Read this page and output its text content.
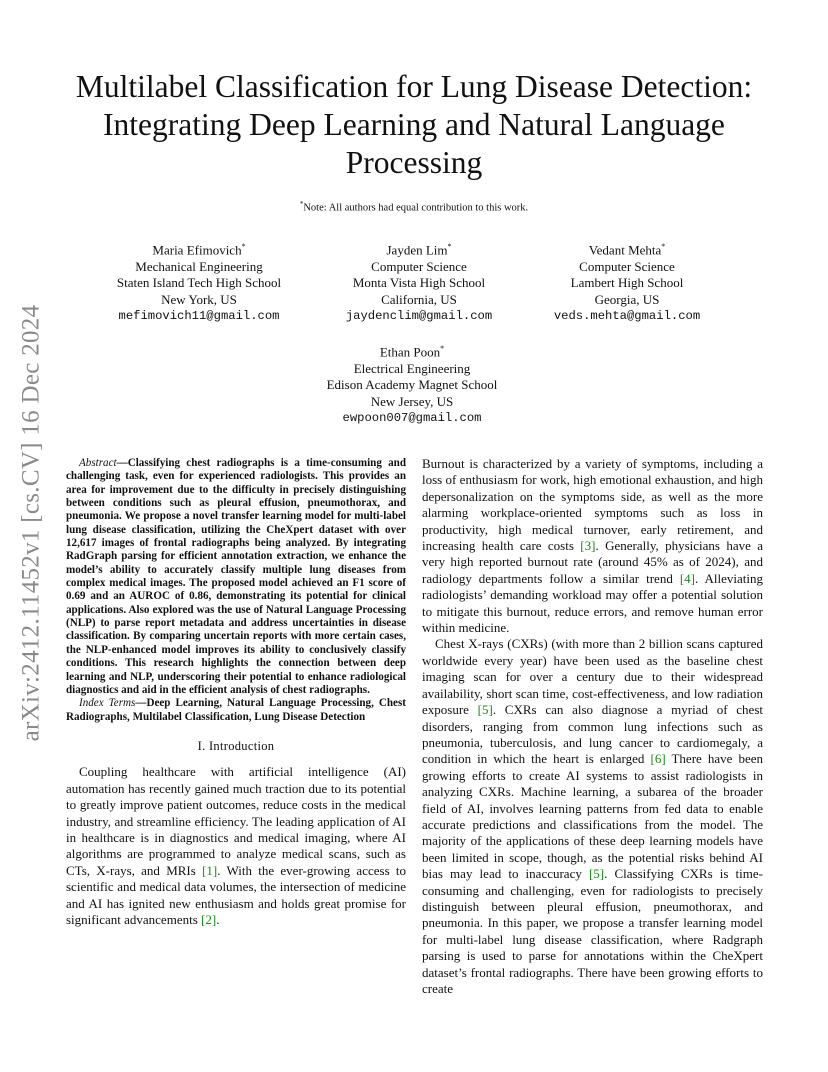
arXiv:2412.11452v1 [cs.CV] 16 Dec 2024
Multilabel Classification for Lung Disease Detection: Integrating Deep Learning and Natural Language Processing
*Note: All authors had equal contribution to this work.
Maria Efimovich*
Mechanical Engineering
Staten Island Tech High School
New York, US
mefimovich11@gmail.com
Jayden Lim*
Computer Science
Monta Vista High School
California, US
jaydenclim@gmail.com
Vedant Mehta*
Computer Science
Lambert High School
Georgia, US
veds.mehta@gmail.com
Ethan Poon*
Electrical Engineering
Edison Academy Magnet School
New Jersey, US
ewpoon007@gmail.com

Abstract—Classifying chest radiographs is a time-consuming and challenging task, even for experienced radiologists. This provides an area for improvement due to the difficulty in precisely distinguishing between conditions such as pleural effusion, pneumothorax, and pneumonia. We propose a novel transfer learning model for multi-label lung disease classification, utilizing the CheXpert dataset with over 12,617 images of frontal radiographs being analyzed. By integrating RadGraph parsing for efficient annotation extraction, we enhance the model’s ability to accurately classify multiple lung diseases from complex medical images. The proposed model achieved an F1 score of 0.69 and an AUROC of 0.86, demonstrating its potential for clinical applications. Also explored was the use of Natural Language Processing (NLP) to parse report metadata and address uncertainties in disease classification. By comparing uncertain reports with more certain cases, the NLP-enhanced model improves its ability to conclusively classify conditions. This research highlights the connection between deep learning and NLP, underscoring their potential to enhance radiological diagnostics and aid in the efficient analysis of chest radiographs.

Index Terms—Deep Learning, Natural Language Processing, Chest Radiographs, Multilabel Classification, Lung Disease Detection

I. Introduction

Coupling healthcare with artificial intelligence (AI) automation has recently gained much traction due to its potential to greatly improve patient outcomes, reduce costs in the medical industry, and streamline efficiency. The leading application of AI in healthcare is in diagnostics and medical imaging, where AI algorithms are programmed to analyze medical scans, such as CTs, X-rays, and MRIs [1]. With the ever-growing access to scientific and medical data volumes, the intersection of medicine and AI has ignited new enthusiasm and holds great promise for significant advancements [2].

Burnout is characterized by a variety of symptoms, including a loss of enthusiasm for work, high emotional exhaustion, and high depersonalization on the symptoms side, as well as the more alarming workplace-oriented symptoms such as loss in productivity, high medical turnover, early retirement, and increasing health care costs [3]. Generally, physicians have a very high reported burnout rate (around 45% as of 2024), and radiology departments follow a similar trend [4]. Alleviating radiologists’ demanding workload may offer a potential solution to mitigate this burnout, reduce errors, and remove human error within medicine.

Chest X-rays (CXRs) (with more than 2 billion scans captured worldwide every year) have been used as the baseline chest imaging scan for over a century due to their widespread availability, short scan time, cost-effectiveness, and low radiation exposure [5]. CXRs can also diagnose a myriad of chest disorders, ranging from common lung infections such as pneumonia, tuberculosis, and lung cancer to cardiomegaly, a condition in which the heart is enlarged [6] There have been growing efforts to create AI systems to assist radiologists in analyzing CXRs. Machine learning, a subarea of the broader field of AI, involves learning patterns from fed data to enable accurate predictions and classifications from the model. The majority of the applications of these deep learning models have been limited in scope, though, as the potential risks behind AI bias may lead to inaccuracy [5]. Classifying CXRs is time-consuming and challenging, even for radiologists to precisely distinguish between pleural effusion, pneumothorax, and pneumonia. In this paper, we propose a transfer learning model for multi-label lung disease classification, where Radgraph parsing is used to parse for annotations within the CheXpert dataset’s frontal radiographs. There have been growing efforts to create
